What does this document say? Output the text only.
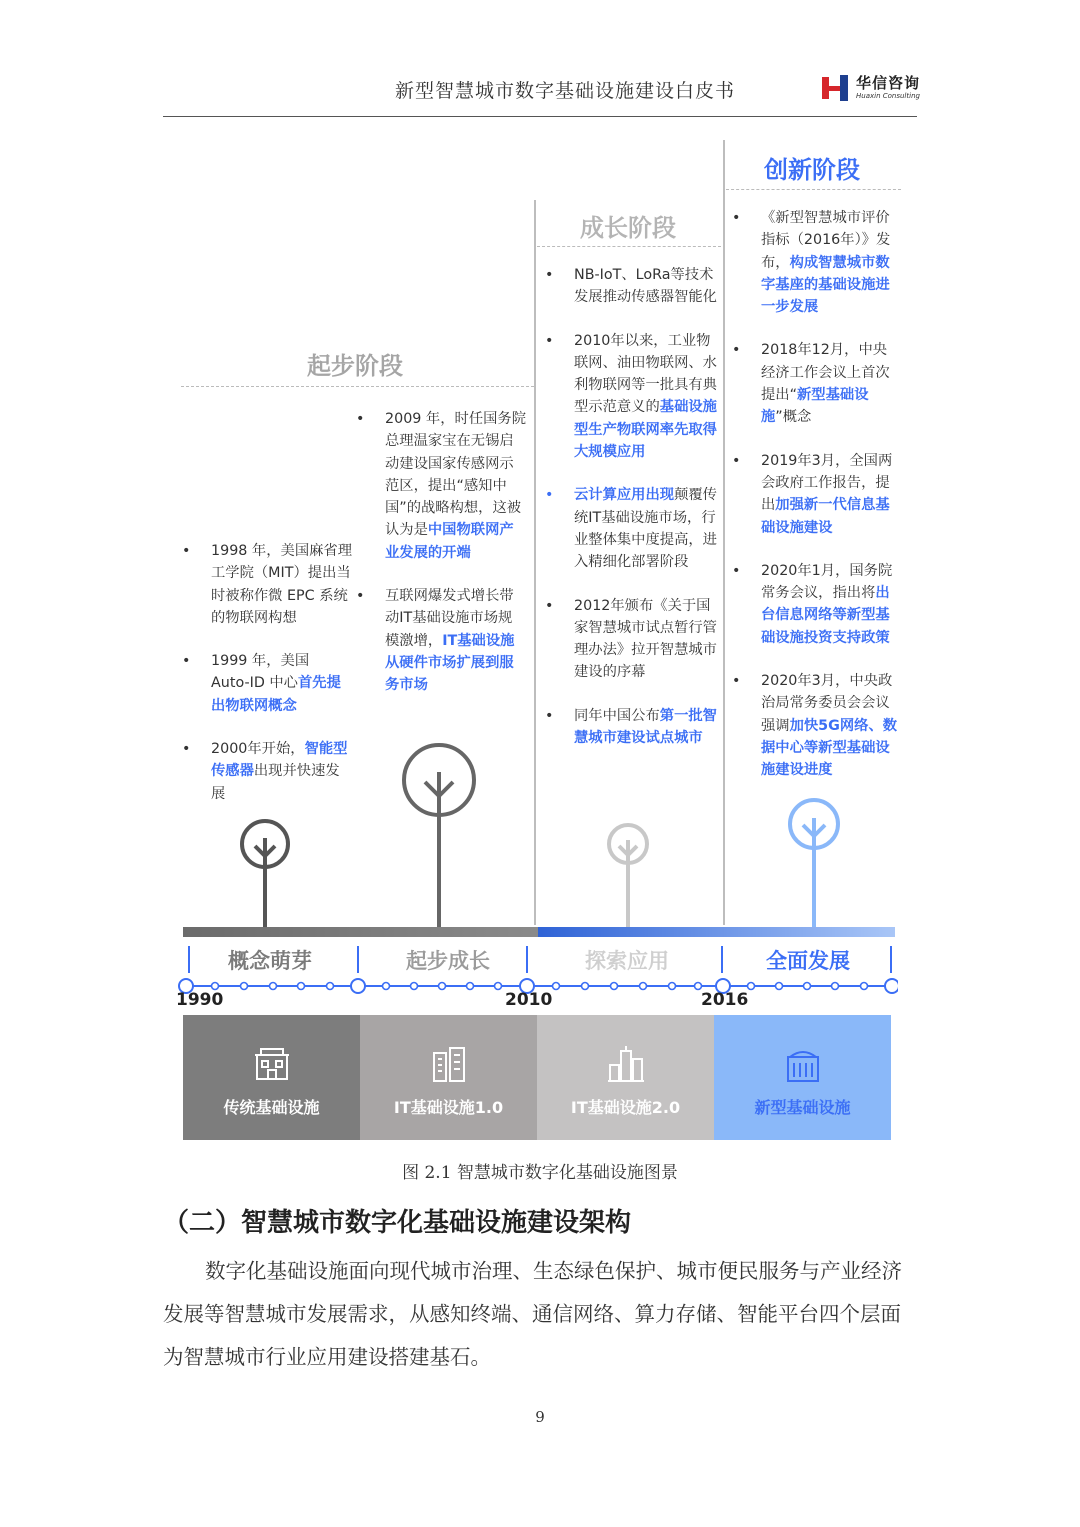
新型智慧城市数字基础设施建设白皮书	华信咨询
Huaxin Consulting
起步阶段
成长阶段
创新阶段
• 1998 年，美国麻省理工学院（MIT）提出当时被称作微 EPC 系统的物联网构想
• 1999 年，美国 Auto-ID 中心首先提出物联网概念
• 2000年开始，智能型传感器出现并快速发展
• 2009 年，时任国务院总理温家宝在无锡启动建设国家传感网示范区，提出“感知中国”的战略构想，这被认为是中国物联网产业发展的开端
• 互联网爆发式增长带动IT基础设施市场规模激增，IT基础设施从硬件市场扩展到服务市场
• NB-IoT、LoRa等技术发展推动传感器智能化
• 2010年以来，工业物联网、油田物联网、水利物联网等一批具有典型示范意义的基础设施型生产物联网率先取得大规模应用
• 云计算应用出现颠覆传统IT基础设施市场，行业整体集中度提高，进入精细化部署阶段
• 2012年颁布《关于国家智慧城市试点暂行管理办法》拉开智慧城市建设的序幕
• 同年中国公布第一批智慧城市建设试点城市
• 《新型智慧城市评价指标（2016年）》发布，构成智慧城市数字基座的基础设施进一步发展
• 2018年12月，中央经济工作会议上首次提出“新型基础设施”概念
• 2019年3月，全国两会政府工作报告，提出加强新一代信息基础设施建设
• 2020年1月，国务院常务会议，指出将出台信息网络等新型基础设施投资支持政策
• 2020年3月，中央政治局常务委员会会议强调加快5G网络、数据中心等新型基础设施建设进度
概念萌芽	起步成长	探索应用	全面发展
1990	2010	2016
传统基础设施	IT基础设施1.0	IT基础设施2.0	新型基础设施
图 2.1 智慧城市数字化基础设施图景
（二）智慧城市数字化基础设施建设架构
数字化基础设施面向现代城市治理、生态绿色保护、城市便民服务与产业经济发展等智慧城市发展需求，从感知终端、通信网络、算力存储、智能平台四个层面为智慧城市行业应用建设搭建基石。
9
